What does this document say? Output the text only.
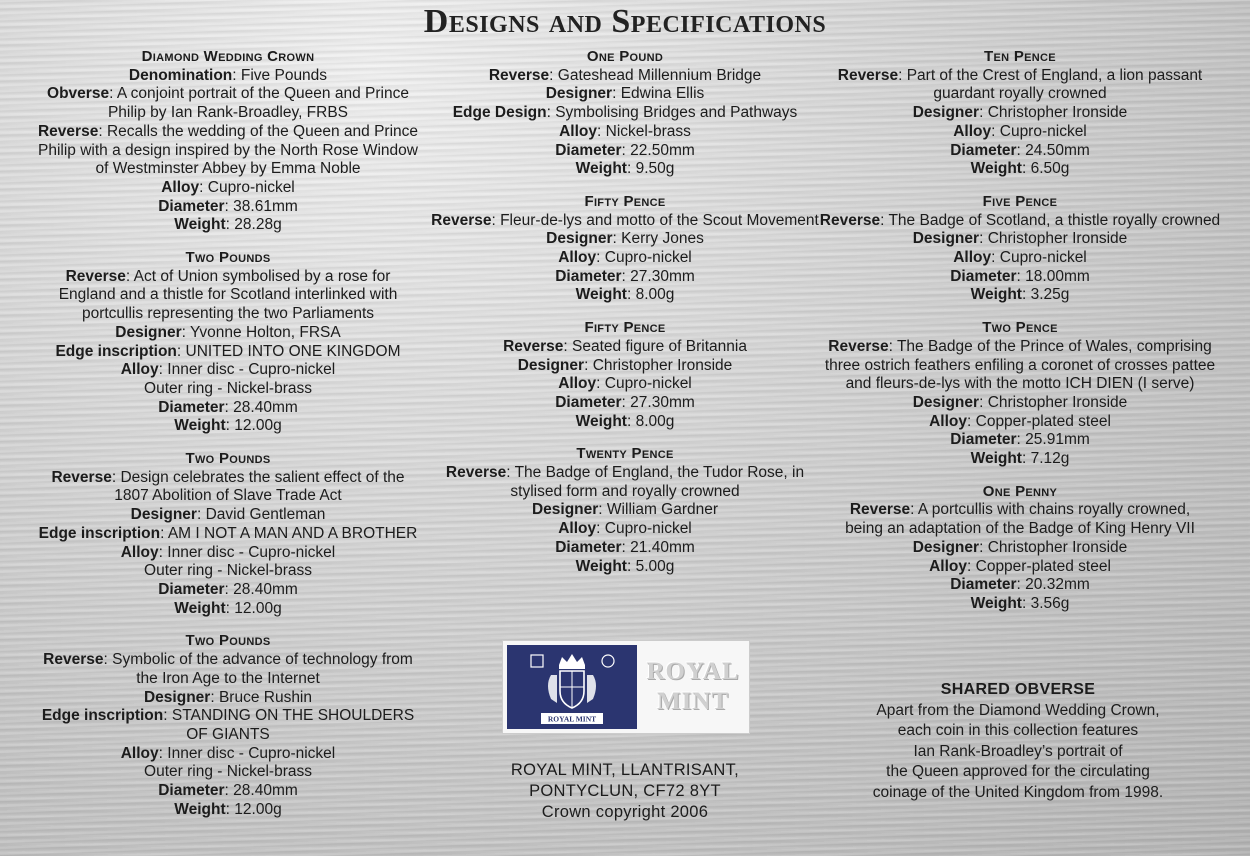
Designs and Specifications
Diamond Wedding Crown
Denomination: Five Pounds
Obverse: A conjoint portrait of the Queen and Prince
Philip by Ian Rank-Broadley, FRBS
Reverse: Recalls the wedding of the Queen and Prince
Philip with a design inspired by the North Rose Window
of Westminster Abbey by Emma Noble
Alloy: Cupro-nickel
Diameter: 38.61mm
Weight: 28.28g
Two Pounds
Reverse: Act of Union symbolised by a rose for
England and a thistle for Scotland interlinked with
portcullis representing the two Parliaments
Designer: Yvonne Holton, FRSA
Edge inscription: UNITED INTO ONE KINGDOM
Alloy: Inner disc - Cupro-nickel
Outer ring - Nickel-brass
Diameter: 28.40mm
Weight: 12.00g
Two Pounds
Reverse: Design celebrates the salient effect of the
1807 Abolition of Slave Trade Act
Designer: David Gentleman
Edge inscription: AM I NOT A MAN AND A BROTHER
Alloy: Inner disc - Cupro-nickel
Outer ring - Nickel-brass
Diameter: 28.40mm
Weight: 12.00g
Two Pounds
Reverse: Symbolic of the advance of technology from
the Iron Age to the Internet
Designer: Bruce Rushin
Edge inscription: STANDING ON THE SHOULDERS
OF GIANTS
Alloy: Inner disc - Cupro-nickel
Outer ring - Nickel-brass
Diameter: 28.40mm
Weight: 12.00g
One Pound
Reverse: Gateshead Millennium Bridge
Designer: Edwina Ellis
Edge Design: Symbolising Bridges and Pathways
Alloy: Nickel-brass
Diameter: 22.50mm
Weight: 9.50g
Fifty Pence
Reverse: Fleur-de-lys and motto of the Scout Movement
Designer: Kerry Jones
Alloy: Cupro-nickel
Diameter: 27.30mm
Weight: 8.00g
Fifty Pence
Reverse: Seated figure of Britannia
Designer: Christopher Ironside
Alloy: Cupro-nickel
Diameter: 27.30mm
Weight: 8.00g
Twenty Pence
Reverse: The Badge of England, the Tudor Rose, in
stylised form and royally crowned
Designer: William Gardner
Alloy: Cupro-nickel
Diameter: 21.40mm
Weight: 5.00g
Ten Pence
Reverse: Part of the Crest of England, a lion passant
guardant royally crowned
Designer: Christopher Ironside
Alloy: Cupro-nickel
Diameter: 24.50mm
Weight: 6.50g
Five Pence
Reverse: The Badge of Scotland, a thistle royally crowned
Designer: Christopher Ironside
Alloy: Cupro-nickel
Diameter: 18.00mm
Weight: 3.25g
Two Pence
Reverse: The Badge of the Prince of Wales, comprising
three ostrich feathers enfiling a coronet of crosses pattee
and fleurs-de-lys with the motto ICH DIEN (I serve)
Designer: Christopher Ironside
Alloy: Copper-plated steel
Diameter: 25.91mm
Weight: 7.12g
One Penny
Reverse: A portcullis with chains royally crowned,
being an adaptation of the Badge of King Henry VII
Designer: Christopher Ironside
Alloy: Copper-plated steel
Diameter: 20.32mm
Weight: 3.56g
ROYAL MINT
ROYAL
MINT
ROYAL MINT, LLANTRISANT,
PONTYCLUN, CF72 8YT
Crown copyright 2006
SHARED OBVERSE
Apart from the Diamond Wedding Crown,
each coin in this collection features
Ian Rank-Broadley’s portrait of
the Queen approved for the circulating
coinage of the United Kingdom from 1998.
